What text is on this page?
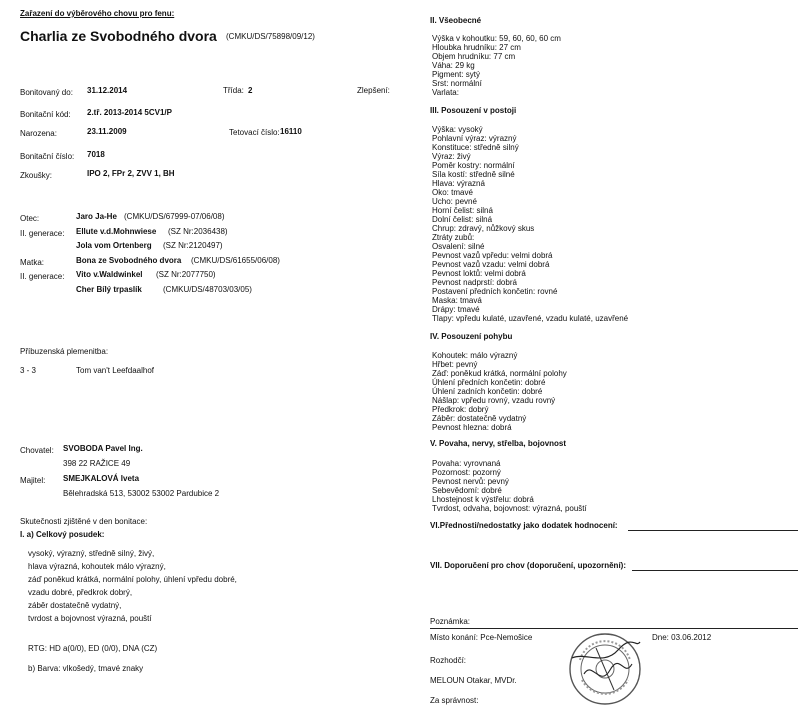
Zařazení do výběrového chovu pro fenu:
Charlia ze Svobodného dvora (CMKU/DS/75898/09/12)
Bonitovaný do: 31.12.2014	Třída: 2	Zlepšení:
Bonitační kód: 2.tř. 2013-2014 5CV1/P
Narozena:	23.11.2009	Tetovací číslo: 16110
Bonitační číslo: 7018
Zkoušky:	IPO 2, FPr 2, ZVV 1, BH
Otec:	Jaro Ja-He (CMKU/DS/67999-07/06/08)
II. generace: Ellute v.d.Mohnwiese (SZ Nr:2036438)
Jola vom Ortenberg (SZ Nr:2120497)
Matka:	Bona ze Svobodného dvora (CMKU/DS/61655/06/08)
II. generace: Vito v.Waldwinkel (SZ Nr:2077750)
Cher Bílý trpaslík	(CMKU/DS/48703/03/05)
Příbuzenská plemenitba:
3 - 3	Tom van't Leefdaalhof
Chovatel: SVOBODA Pavel Ing.
398 22 RAŽICE 49
Majitel: SMEJKALOVÁ Iveta
Bělehradská 513, 53002 53002 Pardubice 2
Skutečnosti zjištěné v den bonitace:
I. a) Celkový posudek:
vysoký, výrazný, středně silný, živý,
hlava výrazná, kohoutek málo výrazný,
záď poněkud krátká, normální polohy, úhlení vpředu dobré,
vzadu dobré, předkrok dobrý,
záběr dostatečně vydatný,
tvrdost a bojovnost výrazná, pouští
RTG: HD a(0/0), ED (0/0), DNA (CZ)
b) Barva: vlkošedý, tmavé znaky
II. Všeobecné
Výška v kohoutku: 59, 60, 60, 60 cm
Hloubka hrudníku: 27 cm
Objem hrudníku: 77 cm
Váha: 29 kg
Pigment: sytý
Srst: normální
Varlata:
III. Posouzení v postoji
Výška: vysoký
Pohlavní výraz: výrazný
Konstituce: středně silný
Výraz: živý
Poměr kostry: normální
Síla kostí: středně silné
Hlava: výrazná
Oko: tmavé
Ucho: pevné
Horní čelist: silná
Dolní čelist: silná
Chrup: zdravý, nůžkový skus
Ztráty zubů:
Osvalení: silné
Pevnost vazů vpředu: velmi dobrá
Pevnost vazů vzadu: velmi dobrá
Pevnost loktů: velmi dobrá
Pevnost nadprstí: dobrá
Postavení předních končetin: rovné
Maska: tmavá
Drápy: tmavé
Tlapy: vpředu kulaté, uzavřené, vzadu kulaté, uzavřené
IV. Posouzení pohybu
Kohoutek: málo výrazný
Hřbet: pevný
Záď: poněkud krátká, normální polohy
Úhlení předních končetin: dobré
Úhlení zadních končetin: dobré
Nášlap: vpředu rovný, vzadu rovný
Předkrok: dobrý
Záběr: dostatečně vydatný
Pevnost hlezna: dobrá
V. Povaha, nervy, střelba, bojovnost
Povaha: vyrovnaná
Pozornost: pozorný
Pevnost nervů: pevný
Sebevědomí: dobré
Lhostejnost k výstřelu: dobrá
Tvrdost, odvaha, bojovnost: výrazná, pouští
VI.Přednosti/nedostatky jako dodatek hodnocení:
VII. Doporučení pro chov (doporučení, upozornění):
Poznámka:
Místo konání: Pce-Nemošice	Dne: 03.06.2012
Rozhodčí:
MELOUN Otakar, MVDr.
Za správnost:
